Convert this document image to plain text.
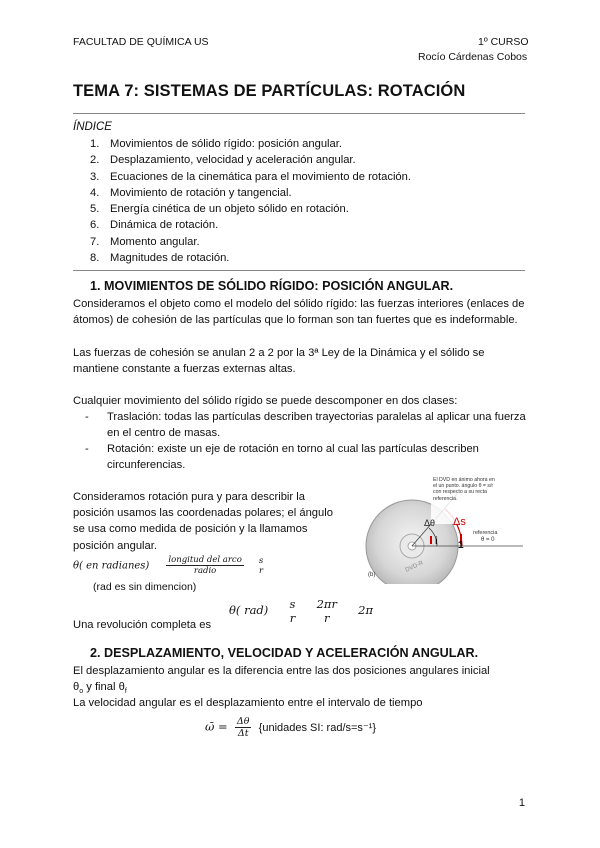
FACULTAD DE QUÍMICA US	1º CURSO
Rocío Cárdenas Cobos
TEMA 7: SISTEMAS DE PARTÍCULAS: ROTACIÓN
ÍNDICE
1. Movimientos de sólido rígido: posición angular.
2. Desplazamiento, velocidad y aceleración angular.
3. Ecuaciones de la cinemática para el movimiento de rotación.
4. Movimiento de rotación y tangencial.
5. Energía cinética de un objeto sólido en rotación.
6. Dinámica de rotación.
7. Momento angular.
8. Magnitudes de rotación.
1. MOVIMIENTOS DE SÓLIDO RÍGIDO: POSICIÓN ANGULAR.
Consideramos el objeto como el modelo del sólido rígido: las fuerzas interiores (enlaces de átomos) de cohesión de las partículas que lo forman son tan fuertes que es indeformable.
Las fuerzas de cohesión se anulan 2 a 2 por la 3ª Ley de la Dinámica y el sólido se mantiene constante a fuerzas externas altas.
Cualquier movimiento del sólido rígido se puede descomponer en dos clases:
- Traslación: todas las partículas describen trayectorias paralelas al aplicar una fuerza en el centro de masas.
- Rotación: existe un eje de rotación en torno al cual las partículas describen circunferencias.
Consideramos rotación pura y para describir la posición usamos las coordenadas polares; el ángulo se usa como medida de posición y la llamamos posición angular.
θ( en radianes) $\frac{\text{longitud del arco}}{\text{radio}}$
s
r
(rad es sin dimencion)
Una revolución completa es
θ( rad) s
r

2πr
r
2π
El DVD en ánimo ahora en el un punto. ángulo θ = s/r con respecto a su recta referencia.
Δθ Δs
referencia
θ = 0
i 1
(b)
DVD-R
2. DESPLAZAMIENTO, VELOCIDAD Y ACELERACIÓN ANGULAR.
El desplazamiento angular es la diferencia entre las dos posiciones angulares inicial
$\theta_o$ y final $\theta_f$
La velocidad angular es el desplazamiento entre el intervalo de tiempo
ω̄ = $\frac{\Delta\theta}{\Delta t}$ {unidades SI: rad/s=s⁻¹}
1
